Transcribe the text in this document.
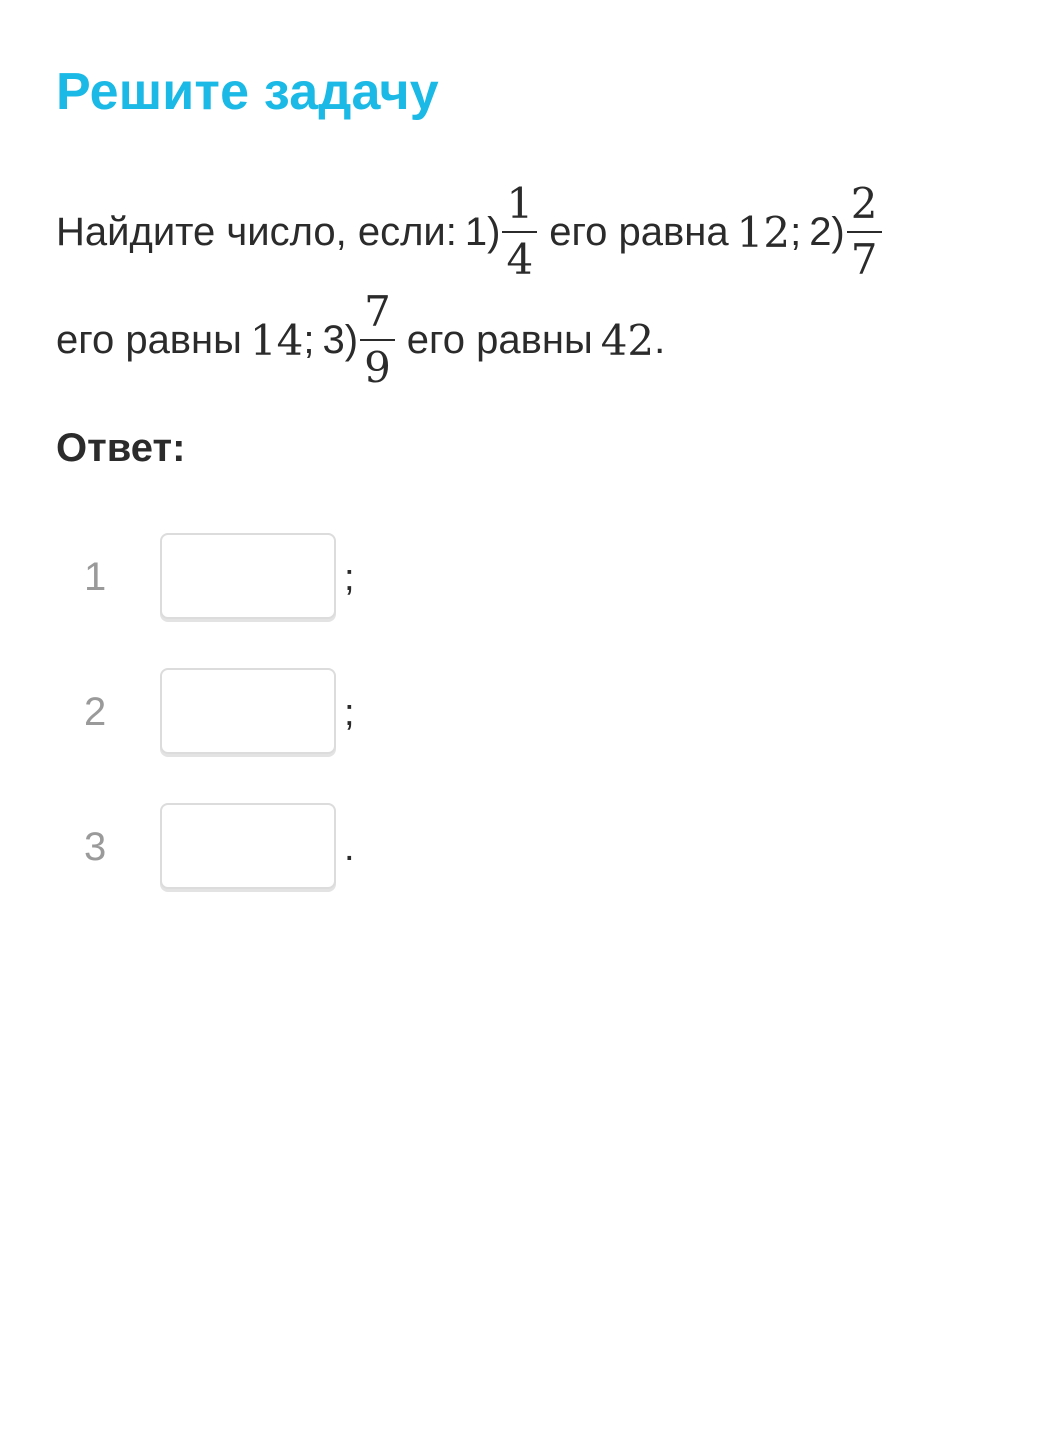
Решите задачу
Найдите число, если: $1) \frac{1}{4}$ его равна 12 ; $2) \frac{2}{7}$
его равны 14 ; $3) \frac{7}{9}$ его равны 42 .
Ответ:
1	;
2	;
3	.
